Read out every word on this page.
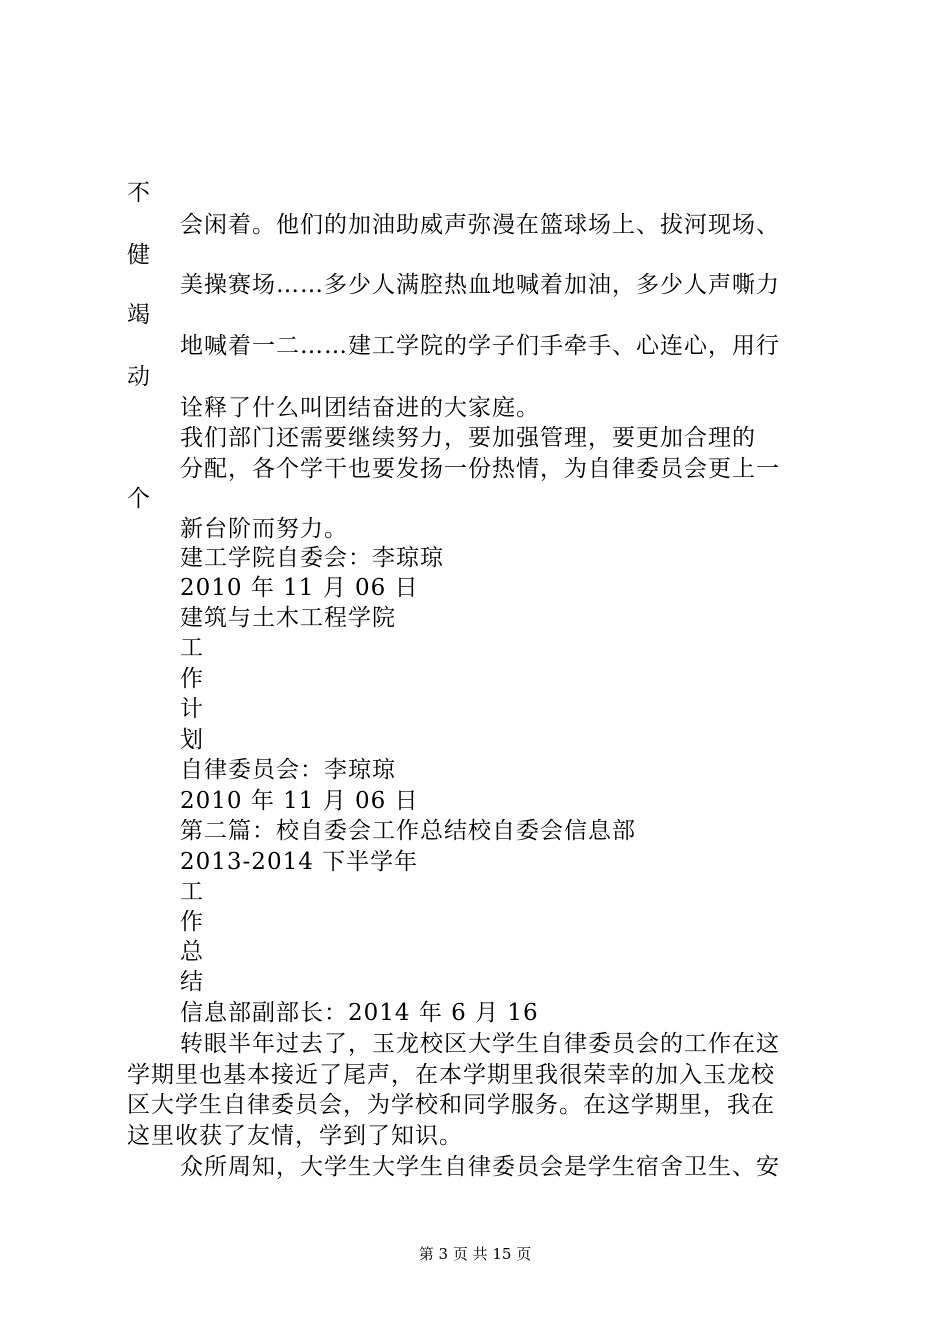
不
会闲着。他们的加油助威声弥漫在篮球场上、拔河现场、
健
美操赛场……多少人满腔热血地喊着加油，多少人声嘶力
竭
地喊着一二……建工学院的学子们手牵手、心连心，用行
动
诠释了什么叫团结奋进的大家庭。
我们部门还需要继续努力，要加强管理，要更加合理的
分配，各个学干也要发扬一份热情，为自律委员会更上一
个
新台阶而努力。
建工学院自委会：李琼琼
2010 年 11 月 06 日
建筑与土木工程学院
工
作
计
划
自律委员会：李琼琼
2010 年 11 月 06 日
第二篇：校自委会工作总结校自委会信息部
2013-2014 下半学年
工
作
总
结
信息部副部长：2014 年 6 月 16
转眼半年过去了，玉龙校区大学生自律委员会的工作在这
学期里也基本接近了尾声，在本学期里我很荣幸的加入玉龙校
区大学生自律委员会，为学校和同学服务。在这学期里，我在
这里收获了友情，学到了知识。
众所周知，大学生大学生自律委员会是学生宿舍卫生、安
第 3 页 共 15 页
